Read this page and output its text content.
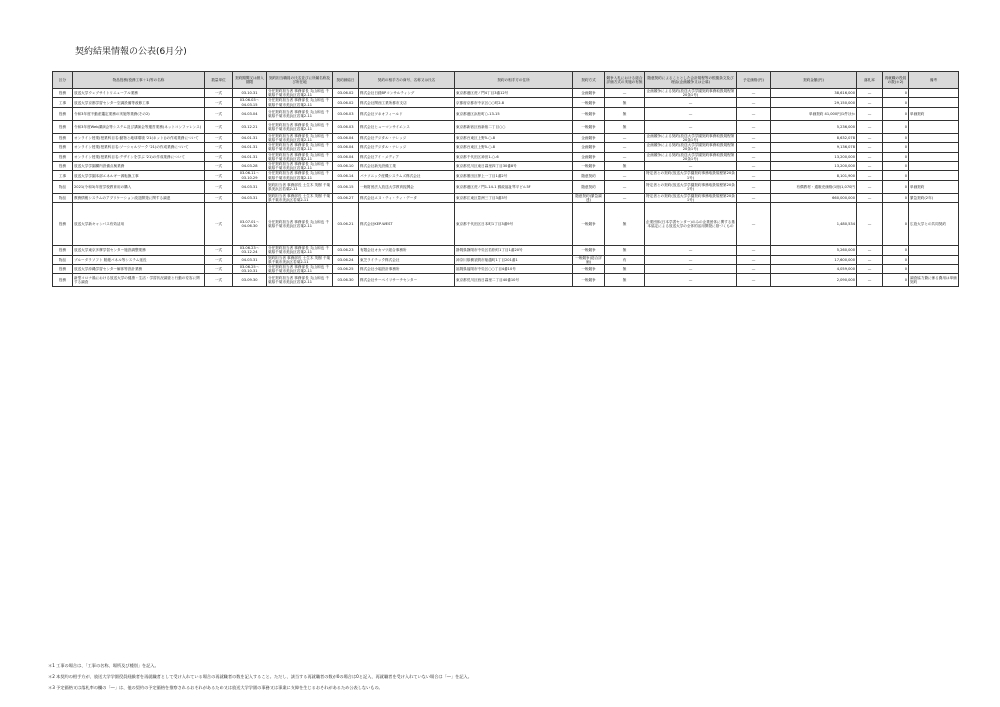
契約結果情報の公表(6月分)
区分	物品役務(役務工事＋1)等の名称	数量単位	契約期間又は納入期限	契約担当職員の氏名並びに所属名称及び所在地	契約締結日	契約の相手方の商号、名称又は氏名	契約の相手方の住所	契約方式	競争入札における総合評価方式の実施の有無	随意契約によることとした会計規程等の根拠条文及び理由(企画競争又は公募)	予定価格(円)	契約金額(円)	落札率	再就職の役員の数(＊2)	備考
役務	放送大学ウェブサイトリニューアル業務	一式	03.10.31	分任契約担当者 事務部長 丸山和也 千葉県千葉市美浜区若葉2-11	03.06.02	株式会社日経BPコンサルティング	東京都港区虎ノ門4丁目3番12号	企画競争	—	企画競争による契約(放送大学学園契約事務取扱規程第20条1号)	—	38,616,000	—	0	
工事	放送大学京都学習センター空調設備等改修工事	一式	03.06.03～04.03.15	分任契約担当者 事務部長 丸山和也 千葉県千葉市美浜区若葉2-11	03.06.02	株式会社関西工業所都市支店	京都府京都市中京区○○町2-8	一般競争	無	—	—	29,150,000	—	0	
役務	令和3年度不動産鑑定業務の実施等業務(その2)	一式	04.03.04	分任契約担当者 事務部長 丸山和也 千葉県千葉市美浜区若葉2-11	03.06.03	株式会社ツネオフィールド	東京都港区浜松町○-13-15	一般競争	無	—	—	単価契約 41,000円/1件ほか	—	0	単価契約
役務	令和3年度Web講演会等システム及び講演会等運営業務(ネットコンファレンス)	一式	03.12.21	分任契約担当者 事務部長 丸山和也 千葉県千葉市美浜区若葉2-11	03.06.03	株式会社ヒューマンサイエンス	東京都新宿区西新宿二丁目○○	一般競争	無	—	—	5,236,000	—	0	
役務	オンライン授業(授業科目名:動物と地球環境 '21(ネット))の作成業務について	一式	04.01.31	分任契約担当者 事務部長 丸山和也 千葉県千葉市美浜区若葉2-11	03.06.04	株式会社デジタル・ナレッジ	東京都台東区上野5-○-8	企画競争	—	企画競争による契約(放送大学学園契約事務取扱規程第20条1号)	—	8,632,078	—	0	
役務	オンライン授業(授業科目名:ソーシャルワーク '21)の作成業務について	一式	04.01.31	分任契約担当者 事務部長 丸山和也 千葉県千葉市美浜区若葉2-11	03.06.04	株式会社デジタル・ナレッジ	東京都台東区上野5-○-8	企画競争	—	企画競争による契約(放送大学学園契約事務取扱規程第20条1号)	—	9,136,078	—	0	
役務	オンライン授業(授業科目名:デザインを学ぶ '21)の作成業務について	一式	04.01.31	分任契約担当者 事務部長 丸山和也 千葉県千葉市美浜区若葉2-11	03.06.04	株式会社アイ・メディア	東京都千代田区神田1-○-6	企画競争	—	企画競争による契約(放送大学学園契約事務取扱規程第20条1号)	—	13,200,000	—	0	
役務	放送大学学園構内設備点検業務	一式	04.03.28	分任契約担当者 事務部長 丸山和也 千葉県千葉市美浜区若葉2-11	03.06.10	株式会社新光設備工業	東京都荒川区東日暮里四丁目30番8号	一般競争	無	—	—	13,200,000	—	0	
工事	放送大学学園本部エネルギー源転換工事	一式	03.06.11～03.10.29	分任契約担当者 事務部長 丸山和也 千葉県千葉市美浜区若葉2-11	03.06.14	パナソニック産機システムズ株式会社	東京都墨田区押上一丁目1番2号	随意契約	—	特定者との契約(放送大学学園契約事務取扱規程第20条1号)	—	8,101,900	—	0	
物品	2021(令和3)年度学校教育用の購入	一式	04.03.31	契約担当者 事務部長 土生木 茂樹 千葉県美浜区若葉2-11	03.06.15	一般財団法人放送大学教育振興会	東京都港区虎ノ門1-14-1 郵政福祉琴平ビル3F	随意契約	—	特定者との契約(放送大学学園契約事務取扱規程第20条1号)	—	有償教材・通販売価格(1冊)1,070円	—	0	単価契約
物品	教務情報システムのアプリケーション改造開発に関する調達	一式	04.03.31	契約担当者 事務部長 土生木 茂樹 千葉県千葉市美浜区若葉2-11	03.06.27	株式会社エヌ・ティ・ティ・データ	東京都江東区豊洲三丁目3番3号	随意契約(緊急調達)	—	特定者との契約(放送大学学園契約事務取扱規程第20条1号)	—	660,000,000	—	0	緊急契約(2年)
役務	放送大学新キャンパス有効活用	一式	03.07.01～04.06.30	分任契約担当者 事務部長 丸山和也 千葉県千葉市美浜区若葉2-11	03.06.21	株式会社KEP-WEST	東京都千代田区日本町1丁目3番9号	一般競争	無	企業団体(日本学習センター)のみの企業団体に関する基本協定による放送大学の全体的活用開発に基づくもの	—	1,480,534	—	0	広島大学との共同契約
役務	放送大学東京多摩学習センター施設調整業務	一式	03.06.23～03.12.24	分任契約担当者 事務部長 丸山和也 千葉県千葉市美浜区若葉2-11	03.06.23	有限会社オカマツ総合事務所	静岡県静岡市中央区若松町1丁目1番20号	一般競争	無	—	—	5,260,000	—	0	
物品	ブルーダラソフト 脱帳パネル等システム延長	一式	04.03.31	契約担当者 事務部長 土生木 茂樹 千葉県千葉市美浜区若葉2-11	03.06.24	東芝ライテック株式会社	神奈川県横須賀市船越町1丁目201番1	一般競争(総合評価)	有	—	—	17,600,000	—	0	
役務	放送大学沖縄学習センター解体等設計業務	一式	03.06.25～03.10.31	分任契約担当者 事務部長 丸山和也 千葉県千葉市美浜区若葉2-11	03.06.25	株式会社小堀設計事務所	福岡県福岡市中央区○○丁目4番10号	一般競争	無	—	—	4,059,000	—	0	
役務	新型コロナ禍における放送大学の健康・生活・学習状況調査と行動の変容に関する調査	一式	03.09.30	分任契約担当者 事務部長 丸山和也 千葉県千葉市美浜区若葉2-11	03.06.30	株式会社サーベイリサーチセンター	東京都荒川区西日暮里二丁目40番10号	一般競争	無	—	—	2,090,000	—	0	調査協力費に係る費用は単価契約
＊1 工事の場合は、「工事の名称、場所及び種別」を記入。
＊2 本契約の相手方が、放送大学学園役員経験者を再就職者として受け入れている場合の再就職者の数を記入すること。ただし、該当する再就職者の数が0の場合は0と記入、再就職者を受け入れていない場合は「―」を記入。
＊3 予定価格又は落札率の欄の「―」は、他の契約の予定価格を推察されるおそれがあるため又は放送大学学園の事務又は事業に支障を生じるおそれがあるため公表しないもの。
